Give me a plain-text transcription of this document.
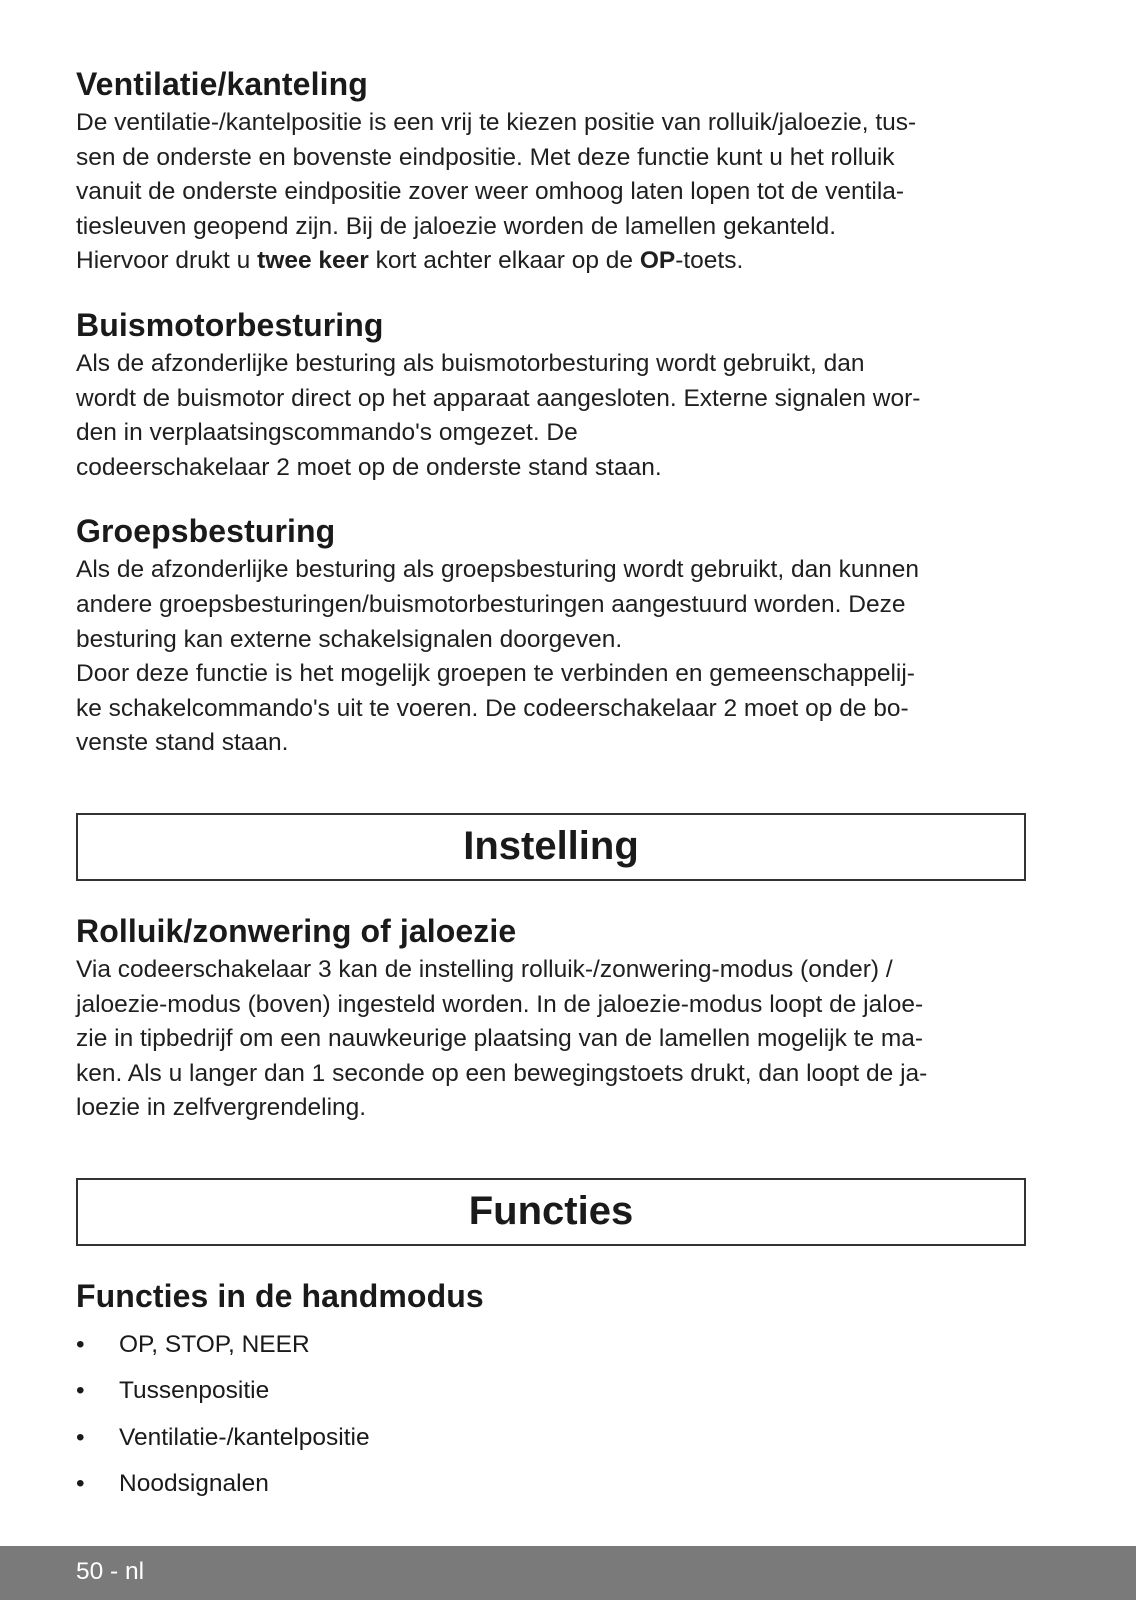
Ventilatie/kanteling
De ventilatie-/kantelpositie is een vrij te kiezen positie van rolluik/jaloezie, tus-
sen de onderste en bovenste eindpositie. Met deze functie kunt u het rolluik
vanuit de onderste eindpositie zover weer omhoog laten lopen tot de ventila-
tiesleuven geopend zijn. Bij de jaloezie worden de lamellen gekanteld.
Hiervoor drukt u twee keer kort achter elkaar op de OP-toets.
Buismotorbesturing
Als de afzonderlijke besturing als buismotorbesturing wordt gebruikt, dan
wordt de buismotor direct op het apparaat aangesloten. Externe signalen wor-
den in verplaatsingscommando's omgezet. De
codeerschakelaar 2 moet op de onderste stand staan.
Groepsbesturing
Als de afzonderlijke besturing als groepsbesturing wordt gebruikt, dan kunnen
andere groepsbesturingen/buismotorbesturingen aangestuurd worden. Deze
besturing kan externe schakelsignalen doorgeven.
Door deze functie is het mogelijk groepen te verbinden en gemeenschappelij-
ke schakelcommando's uit te voeren. De codeerschakelaar 2 moet op de bo-
venste stand staan.
Instelling
Rolluik/zonwering of jaloezie
Via codeerschakelaar 3 kan de instelling rolluik-/zonwering-modus (onder) /
jaloezie-modus (boven) ingesteld worden. In de jaloezie-modus loopt de jaloe-
zie in tipbedrijf om een nauwkeurige plaatsing van de lamellen mogelijk te ma-
ken. Als u langer dan 1 seconde op een bewegingstoets drukt, dan loopt de ja-
loezie in zelfvergrendeling.
Functies
Functies in de handmodus
• OP, STOP, NEER
• Tussenpositie
• Ventilatie-/kantelpositie
• Noodsignalen
50 - nl
